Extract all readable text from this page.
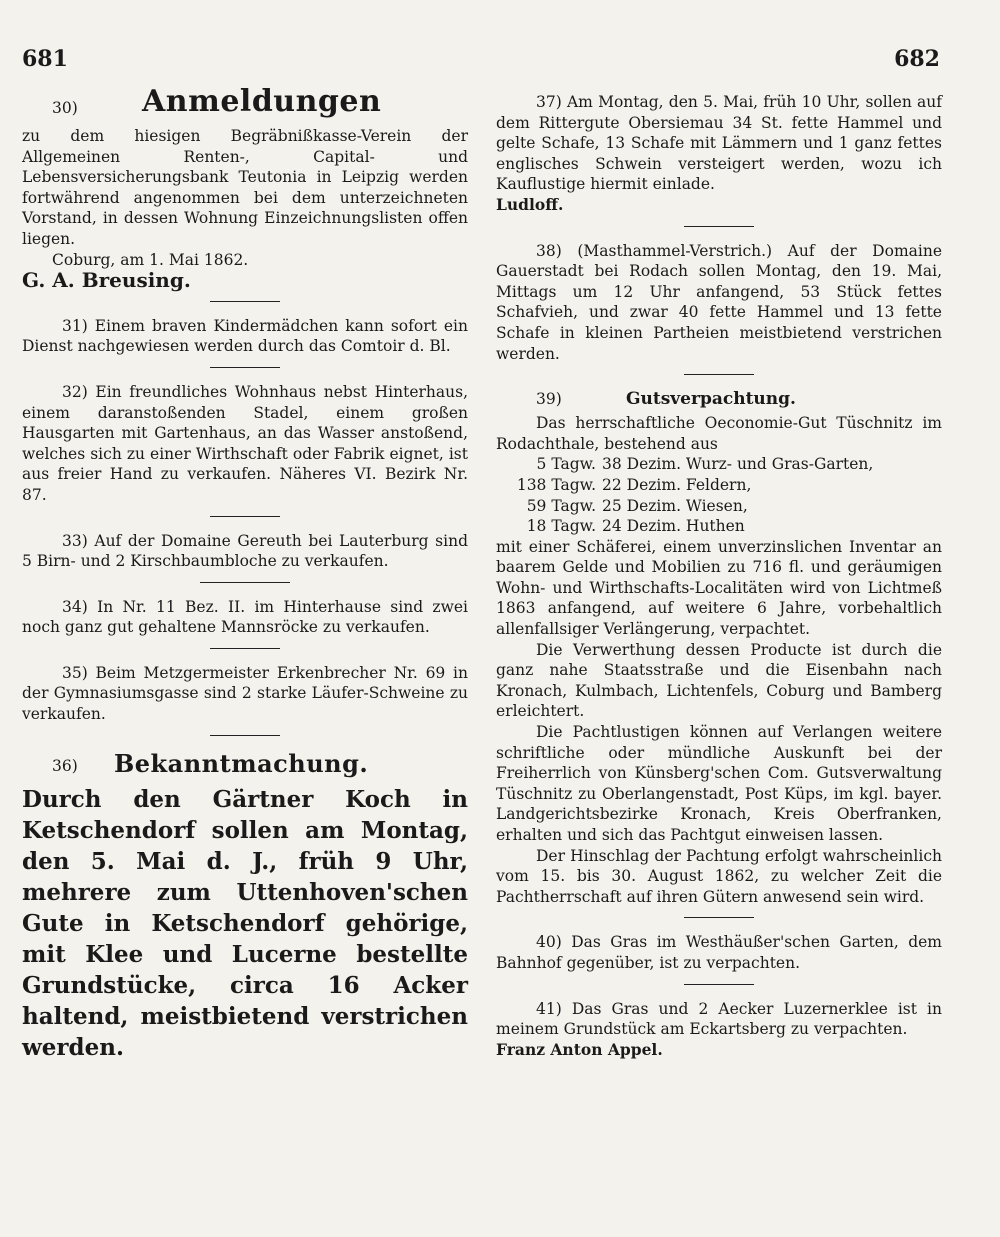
681	682
30) Anmeldungen

zu dem hiesigen Begräbnißkasse-Verein der Allgemeinen Renten-, Capital- und Lebensversicherungsbank Teutonia in Leipzig werden fortwährend angenommen bei dem unterzeichneten Vorstand, in dessen Wohnung Einzeichnungslisten offen liegen.

Coburg, am 1. Mai 1862.

G. A. Breusing.

31) Einem braven Kindermädchen kann sofort ein Dienst nachgewiesen werden durch das Comtoir d. Bl.

32) Ein freundliches Wohnhaus nebst Hinterhaus, einem daranstoßenden Stadel, einem großen Hausgarten mit Gartenhaus, an das Wasser anstoßend, welches sich zu einer Wirthschaft oder Fabrik eignet, ist aus freier Hand zu verkaufen. Näheres VI. Bezirk Nr. 87.

33) Auf der Domaine Gereuth bei Lauterburg sind 5 Birn- und 2 Kirschbaumbloche zu verkaufen.

34) In Nr. 11 Bez. II. im Hinterhause sind zwei noch ganz gut gehaltene Mannsröcke zu verkaufen.

35) Beim Metzgermeister Erkenbrecher Nr. 69 in der Gymnasiumsgasse sind 2 starke Läufer-Schweine zu verkaufen.

36) Bekanntmachung.

Durch den Gärtner Koch in Ketschendorf sollen am Montag, den 5. Mai d. J., früh 9 Uhr, mehrere zum Uttenhoven'schen Gute in Ketschendorf gehörige, mit Klee und Lucerne bestellte Grundstücke, circa 16 Acker haltend, meistbietend verstrichen werden.

37) Am Montag, den 5. Mai, früh 10 Uhr, sollen auf dem Rittergute Obersiemau 34 St. fette Hammel und gelte Schafe, 13 Schafe mit Lämmern und 1 ganz fettes englisches Schwein versteigert werden, wozu ich Kauflustige hiermit einlade.

Ludloff.

38) (Masthammel-Verstrich.) Auf der Domaine Gauerstadt bei Rodach sollen Montag, den 19. Mai, Mittags um 12 Uhr anfangend, 53 Stück fettes Schafvieh, und zwar 40 fette Hammel und 13 fette Schafe in kleinen Partheien meistbietend verstrichen werden.

39)	Gutsverpachtung.

Das herrschaftliche Oeconomie-Gut Tüschnitz im Rodachthale, bestehend aus

5 Tagw. 38 Dezim. Wurz- und Gras-Garten,
138 Tagw. 22 Dezim. Feldern,
59 Tagw. 25 Dezim. Wiesen,
18 Tagw. 24 Dezim. Huthen

mit einer Schäferei, einem unverzinslichen Inventar an baarem Gelde und Mobilien zu 716 fl. und geräumigen Wohn- und Wirthschafts-Localitäten wird von Lichtmeß 1863 anfangend, auf weitere 6 Jahre, vorbehaltlich allenfallsiger Verlängerung, verpachtet.

Die Verwerthung dessen Producte ist durch die ganz nahe Staatsstraße und die Eisenbahn nach Kronach, Kulmbach, Lichtenfels, Coburg und Bamberg erleichtert.

Die Pachtlustigen können auf Verlangen weitere schriftliche oder mündliche Auskunft bei der Freiherrlich von Künsberg'schen Com. Gutsverwaltung Tüschnitz zu Oberlangenstadt, Post Küps, im kgl. bayer. Landgerichtsbezirke Kronach, Kreis Oberfranken, erhalten und sich das Pachtgut einweisen lassen.

Der Hinschlag der Pachtung erfolgt wahrscheinlich vom 15. bis 30. August 1862, zu welcher Zeit die Pachtherrschaft auf ihren Gütern anwesend sein wird.

40) Das Gras im Westhäußer'schen Garten, dem Bahnhof gegenüber, ist zu verpachten.

41) Das Gras und 2 Aecker Luzernerklee ist in meinem Grundstück am Eckartsberg zu verpachten.

Franz Anton Appel.
